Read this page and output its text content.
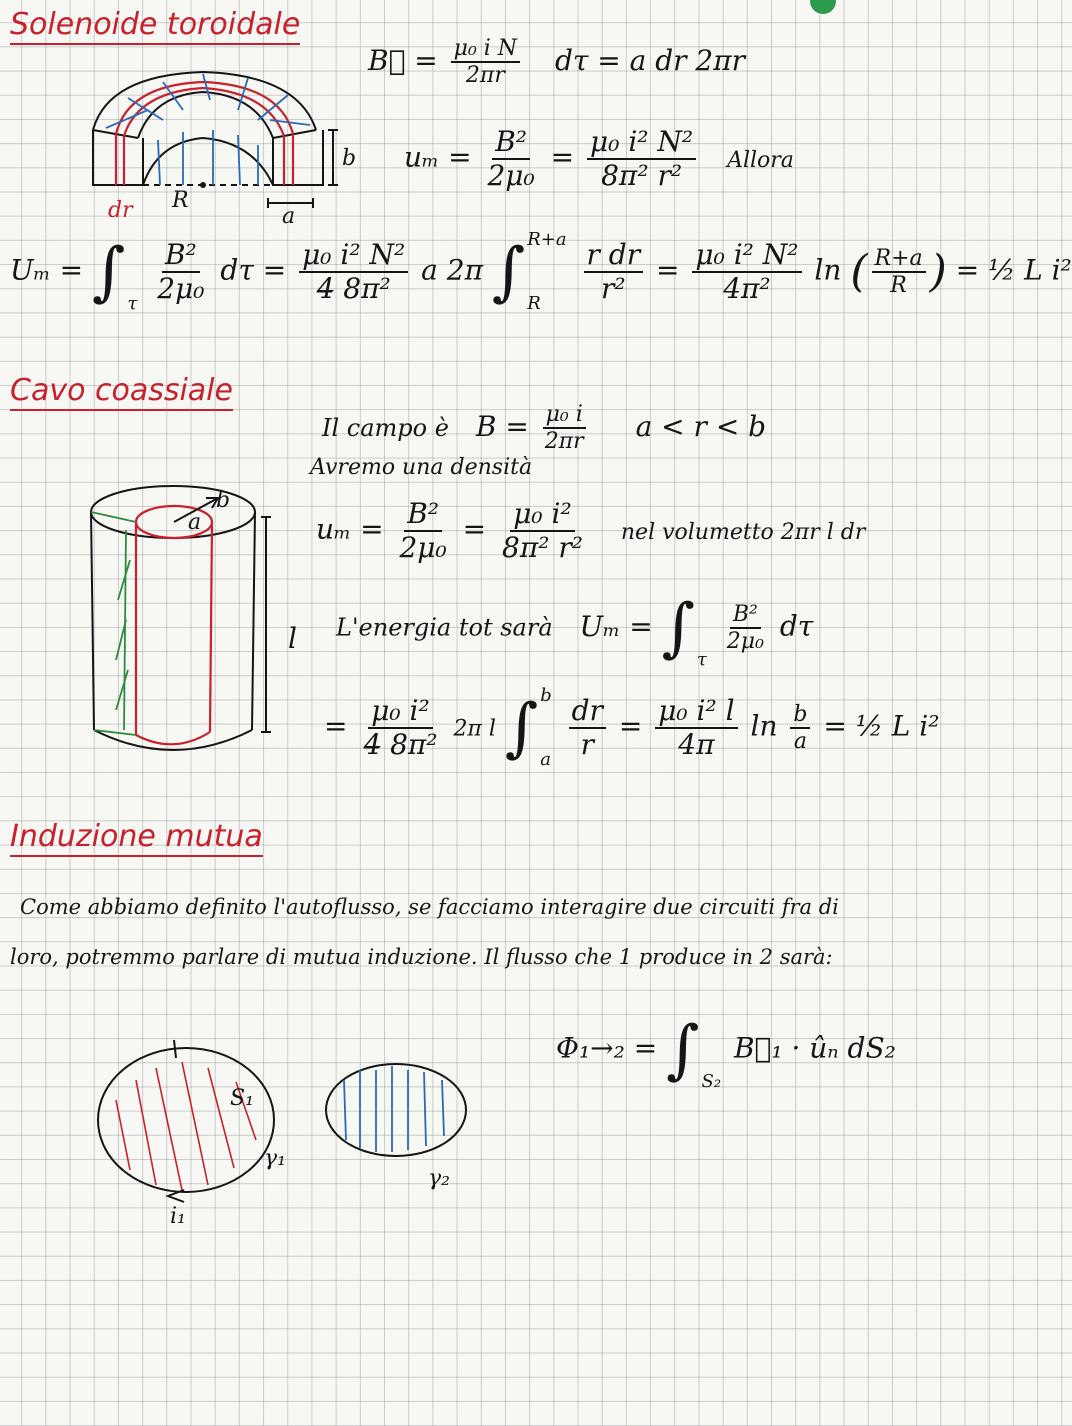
Solenoide toroidale
B⃗ = $\frac{\text{μ₀ i N}}{2\pi r}$ dτ = a dr 2πr
dr R
a
b $u_m = \frac{\text{B²}}{\text{2μ₀}} = \frac{\text{μ₀ i² N²}}{\text{8π² r²}}$ Allora
Uₘ = ∫
τ
$\frac{\text{B²}}{\text{2μ₀}}$ $d\tau = \frac{\text{μ₀ i² N²}}{\text{4̶ 8π²}}$ a 2π ∫ R+a
R
	$\frac{\text{r dr}}{\text{r²}} = \frac{\text{μ₀ i² N²}}{\text{4π²}}$ ln ( $\frac{R+a}{R}$ ) = ½ L i²
Cavo coassiale
Il campo è $B = \frac{\text{μ₀ i}}{2\pi r}$ a < r < b
Avremo una densità
$u_m = \frac{\text{B²}}{\text{2μ₀}} = \frac{\text{μ₀ i²}}{\text{8π² r²}}$ nel volumetto 2πr l dr
L'energia tot sarà Uₘ = ∫
τ

$\frac{\text{B²}}{\text{2μ₀}}$ dτ
= $\frac{\text{μ₀ i²}}{\text{4̶ 8π²}} 2\pi$ l ∫ b
a
$\frac{dr}{r} = \frac{\text{μ₀ i² l}}{4\pi}$ $\ln \frac{b}{a}$ = ½ L i²
a
b
l
Induzione mutua
Come abbiamo definito l'autoflusso, se facciamo interagire due circuiti fra di
loro, potremmo parlare di mutua induzione. Il flusso che 1 produce in 2 sarà:
Φ₁→₂ = ∫
S₂
B⃗₁ · ûₙ dS₂
S₁
γ₁
γ₂
i₁
